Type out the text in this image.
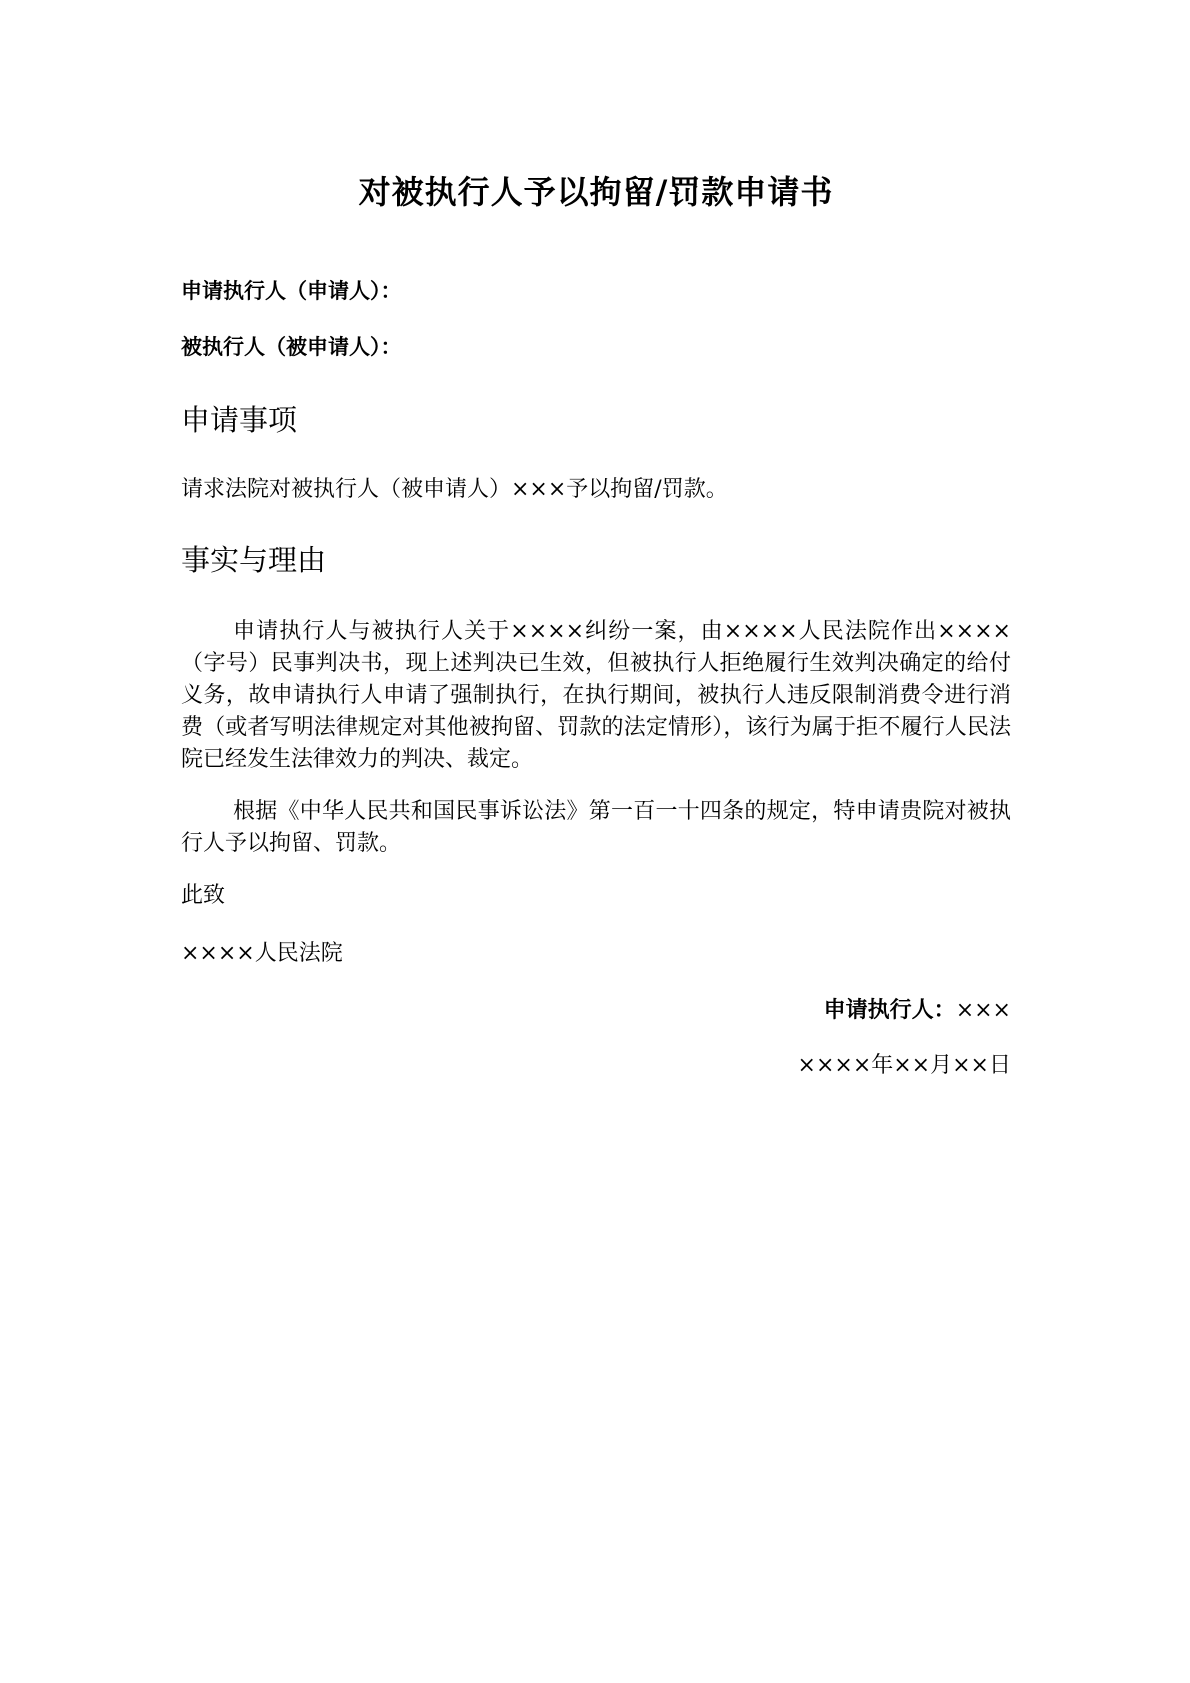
对被执行人予以拘留/罚款申请书
申请执行人（申请人）：
被执行人（被申请人）：
申请事项
请求法院对被执行人（被申请人）×××予以拘留/罚款。
事实与理由
申请执行人与被执行人关于××××纠纷一案，由××××人民法院作出××××（字号）民事判决书，现上述判决已生效，但被执行人拒绝履行生效判决确定的给付义务，故申请执行人申请了强制执行，在执行期间，被执行人违反限制消费令进行消费（或者写明法律规定对其他被拘留、罚款的法定情形），该行为属于拒不履行人民法院已经发生法律效力的判决、裁定。
根据《中华人民共和国民事诉讼法》第一百一十四条的规定，特申请贵院对被执行人予以拘留、罚款。
此致
××××人民法院
申请执行人：×××
××××年××月××日
